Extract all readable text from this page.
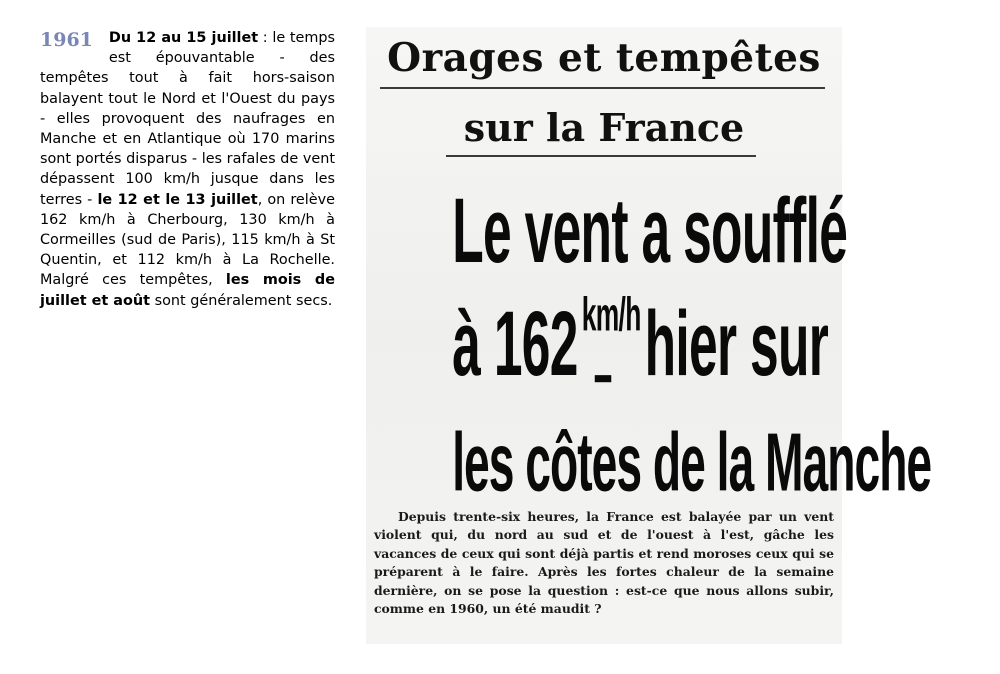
1961 Du 12 au 15 juillet : le temps est épouvantable - des tempêtes tout à fait hors-saison balayent tout le Nord et l'Ouest du pays - elles provoquent des naufrages en Manche et en Atlantique où 170 marins sont portés disparus - les rafales de vent dépassent 100 km/h jusque dans les terres - le 12 et le 13 juillet, on relève 162 km/h à Cherbourg, 130 km/h à Cormeilles (sud de Paris), 115 km/h à St Quentin, et 112 km/h à La Rochelle. Malgré ces tempêtes, les mois de juillet et août sont généralement secs.
Orages et tempêtes
sur la France
Le vent a soufflé
à 162km/hhier sur
les côtes de la Manche
Depuis trente-six heures, la France est balayée par un vent violent qui, du nord au sud et de l'ouest à l'est, gâche les vacances de ceux qui sont déjà partis et rend moroses ceux qui se préparent à le faire. Après les fortes chaleur de la semaine dernière, on se pose la question : est-ce que nous allons subir, comme en 1960, un été maudit ?
